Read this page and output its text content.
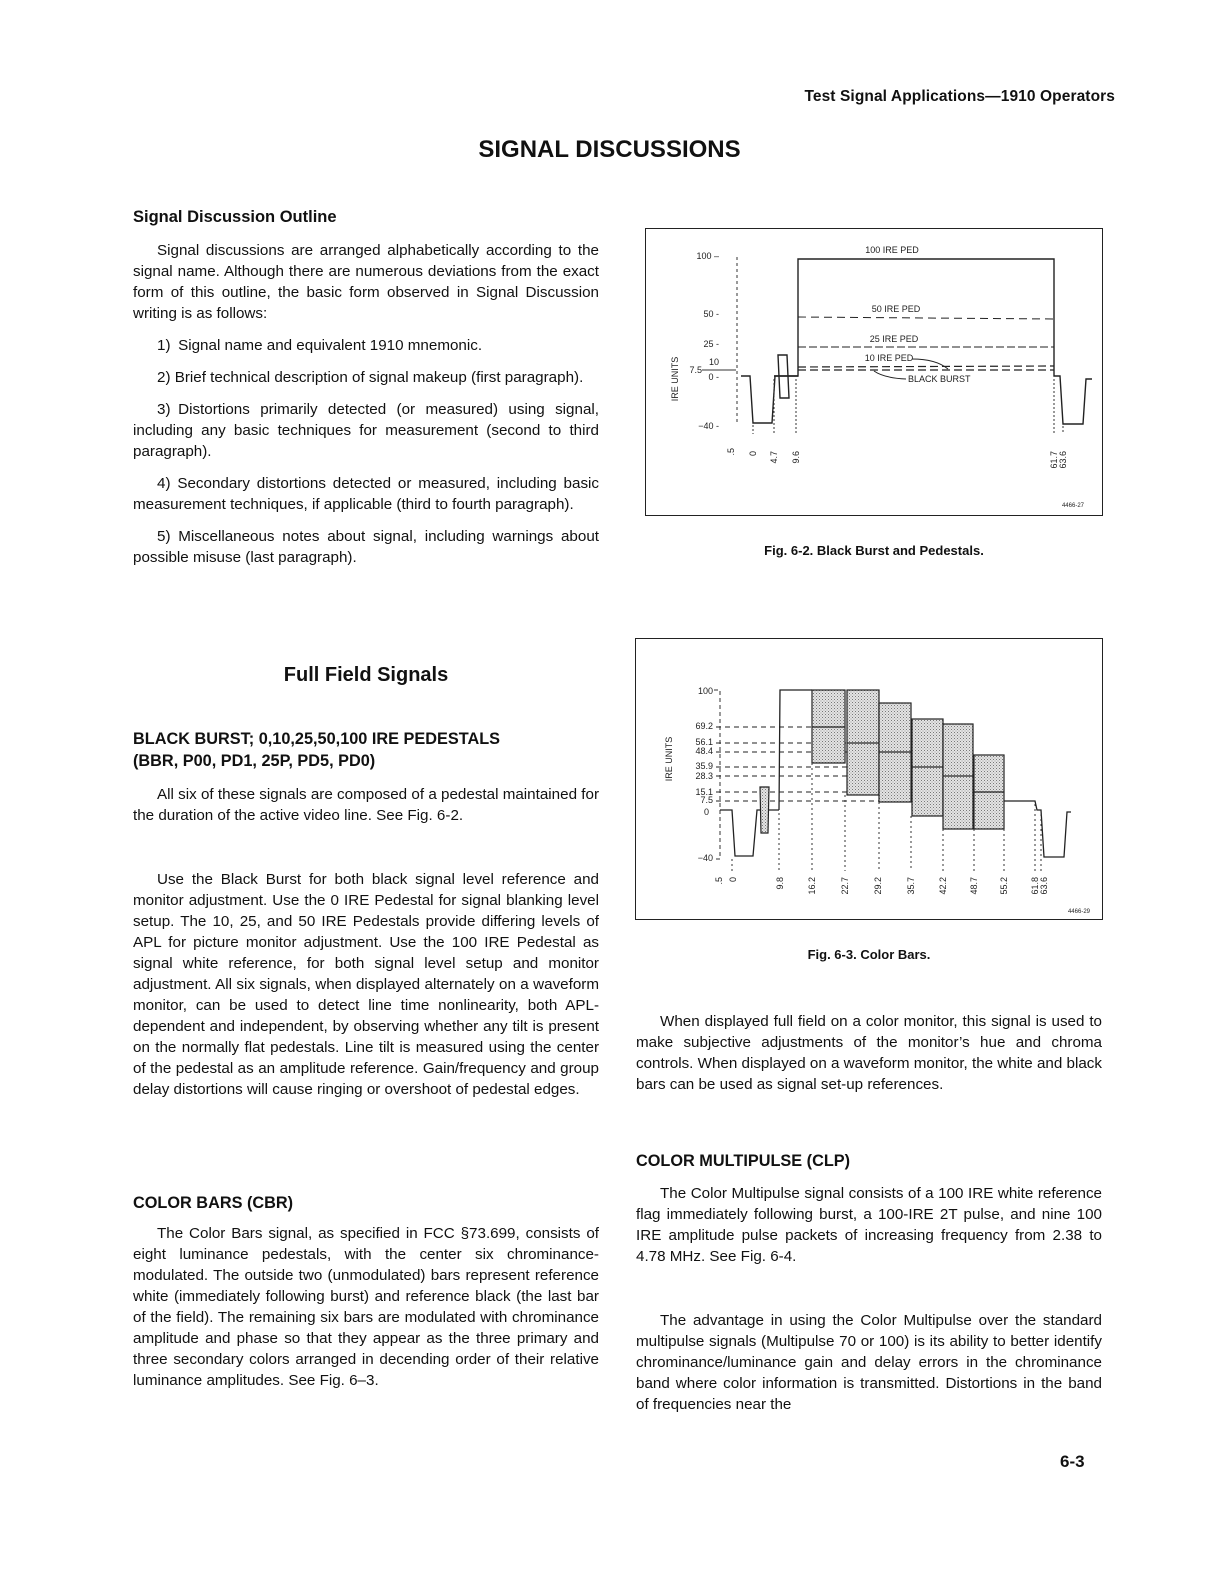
Test Signal Applications—1910 Operators
SIGNAL DISCUSSIONS
Signal Discussion Outline

Signal discussions are arranged alphabetically according to the signal name. Although there are numerous deviations from the exact form of this outline, the basic form observed in Signal Discussion writing is as follows:

1) Signal name and equivalent 1910 mnemonic.

2) Brief technical description of signal makeup (first paragraph).

3) Distortions primarily detected (or measured) using signal, including any basic techniques for measurement (second to third paragraph).

4) Secondary distortions detected or measured, including basic measurement techniques, if applicable (third to fourth paragraph).

5) Miscellaneous notes about signal, including warnings about possible misuse (last paragraph).

Full Field Signals
BLACK BURST; 0,10,25,50,100 IRE PEDESTALS
(BBR, P00, PD1, 25P, PD5, PD0)

All six of these signals are composed of a pedestal maintained for the duration of the active video line. See Fig. 6-2.

Use the Black Burst for both black signal level reference and monitor adjustment. Use the 0 IRE Pedestal for signal blanking level setup. The 10, 25, and 50 IRE Pedestals provide differing levels of APL for picture monitor adjustment. Use the 100 IRE Pedestal as signal white reference, for both signal level setup and monitor adjustment. All six signals, when displayed alternately on a waveform monitor, can be used to detect line time nonlinearity, both APL-dependent and independent, by observing whether any tilt is present on the normally flat pedestals. Line tilt is measured using the center of the pedestal as an amplitude reference. Gain/frequency and group delay distortions will cause ringing or overshoot of pedestal edges.

COLOR BARS (CBR)

The Color Bars signal, as specified in FCC §73.699, consists of eight luminance pedestals, with the center six chrominance-modulated. The outside two (unmodulated) bars represent reference white (immediately following burst) and reference black (the last bar of the field). The remaining six bars are modulated with chrominance amplitude and phase so that they appear as the three primary and three secondary colors arranged in decending order of their relative luminance amplitudes. See Fig. 6–3.

When displayed full field on a color monitor, this signal is used to make subjective adjustments of the monitor’s hue and chroma controls. When displayed on a waveform monitor, the white and black bars can be used as signal set-up references.

COLOR MULTIPULSE (CLP)

The Color Multipulse signal consists of a 100 IRE white reference flag immediately following burst, a 100-IRE 2T pulse, and nine 100 IRE amplitude pulse packets of increasing frequency from 2.38 to 4.78 MHz. See Fig. 6-4.

The advantage in using the Color Multipulse over the standard multipulse signals (Multipulse 70 or 100) is its ability to better identify chrominance/luminance gain and delay errors in the chrominance band where color information is transmitted. Distortions in the band of frequencies near the

IRE UNITS
100 –
50 -
25 -
10
7.5
0 -
−40 -
100 IRE PED
50 IRE PED
25 IRE PED
10 IRE PED
BLACK BURST
.5 0 4.7 9.6	61.7 63.6
4466-27
Fig. 6-2. Black Burst and Pedestals.
IRE UNITS
100
69.2
56.1
48.4
35.9
28.3
15.1
7.5
0
−40
.5 0	9.8 16.2	22.7	29.2	35.7 42.2 48.7 55.2 61.8 63.6
4466-29
Fig. 6-3. Color Bars.
6-3
